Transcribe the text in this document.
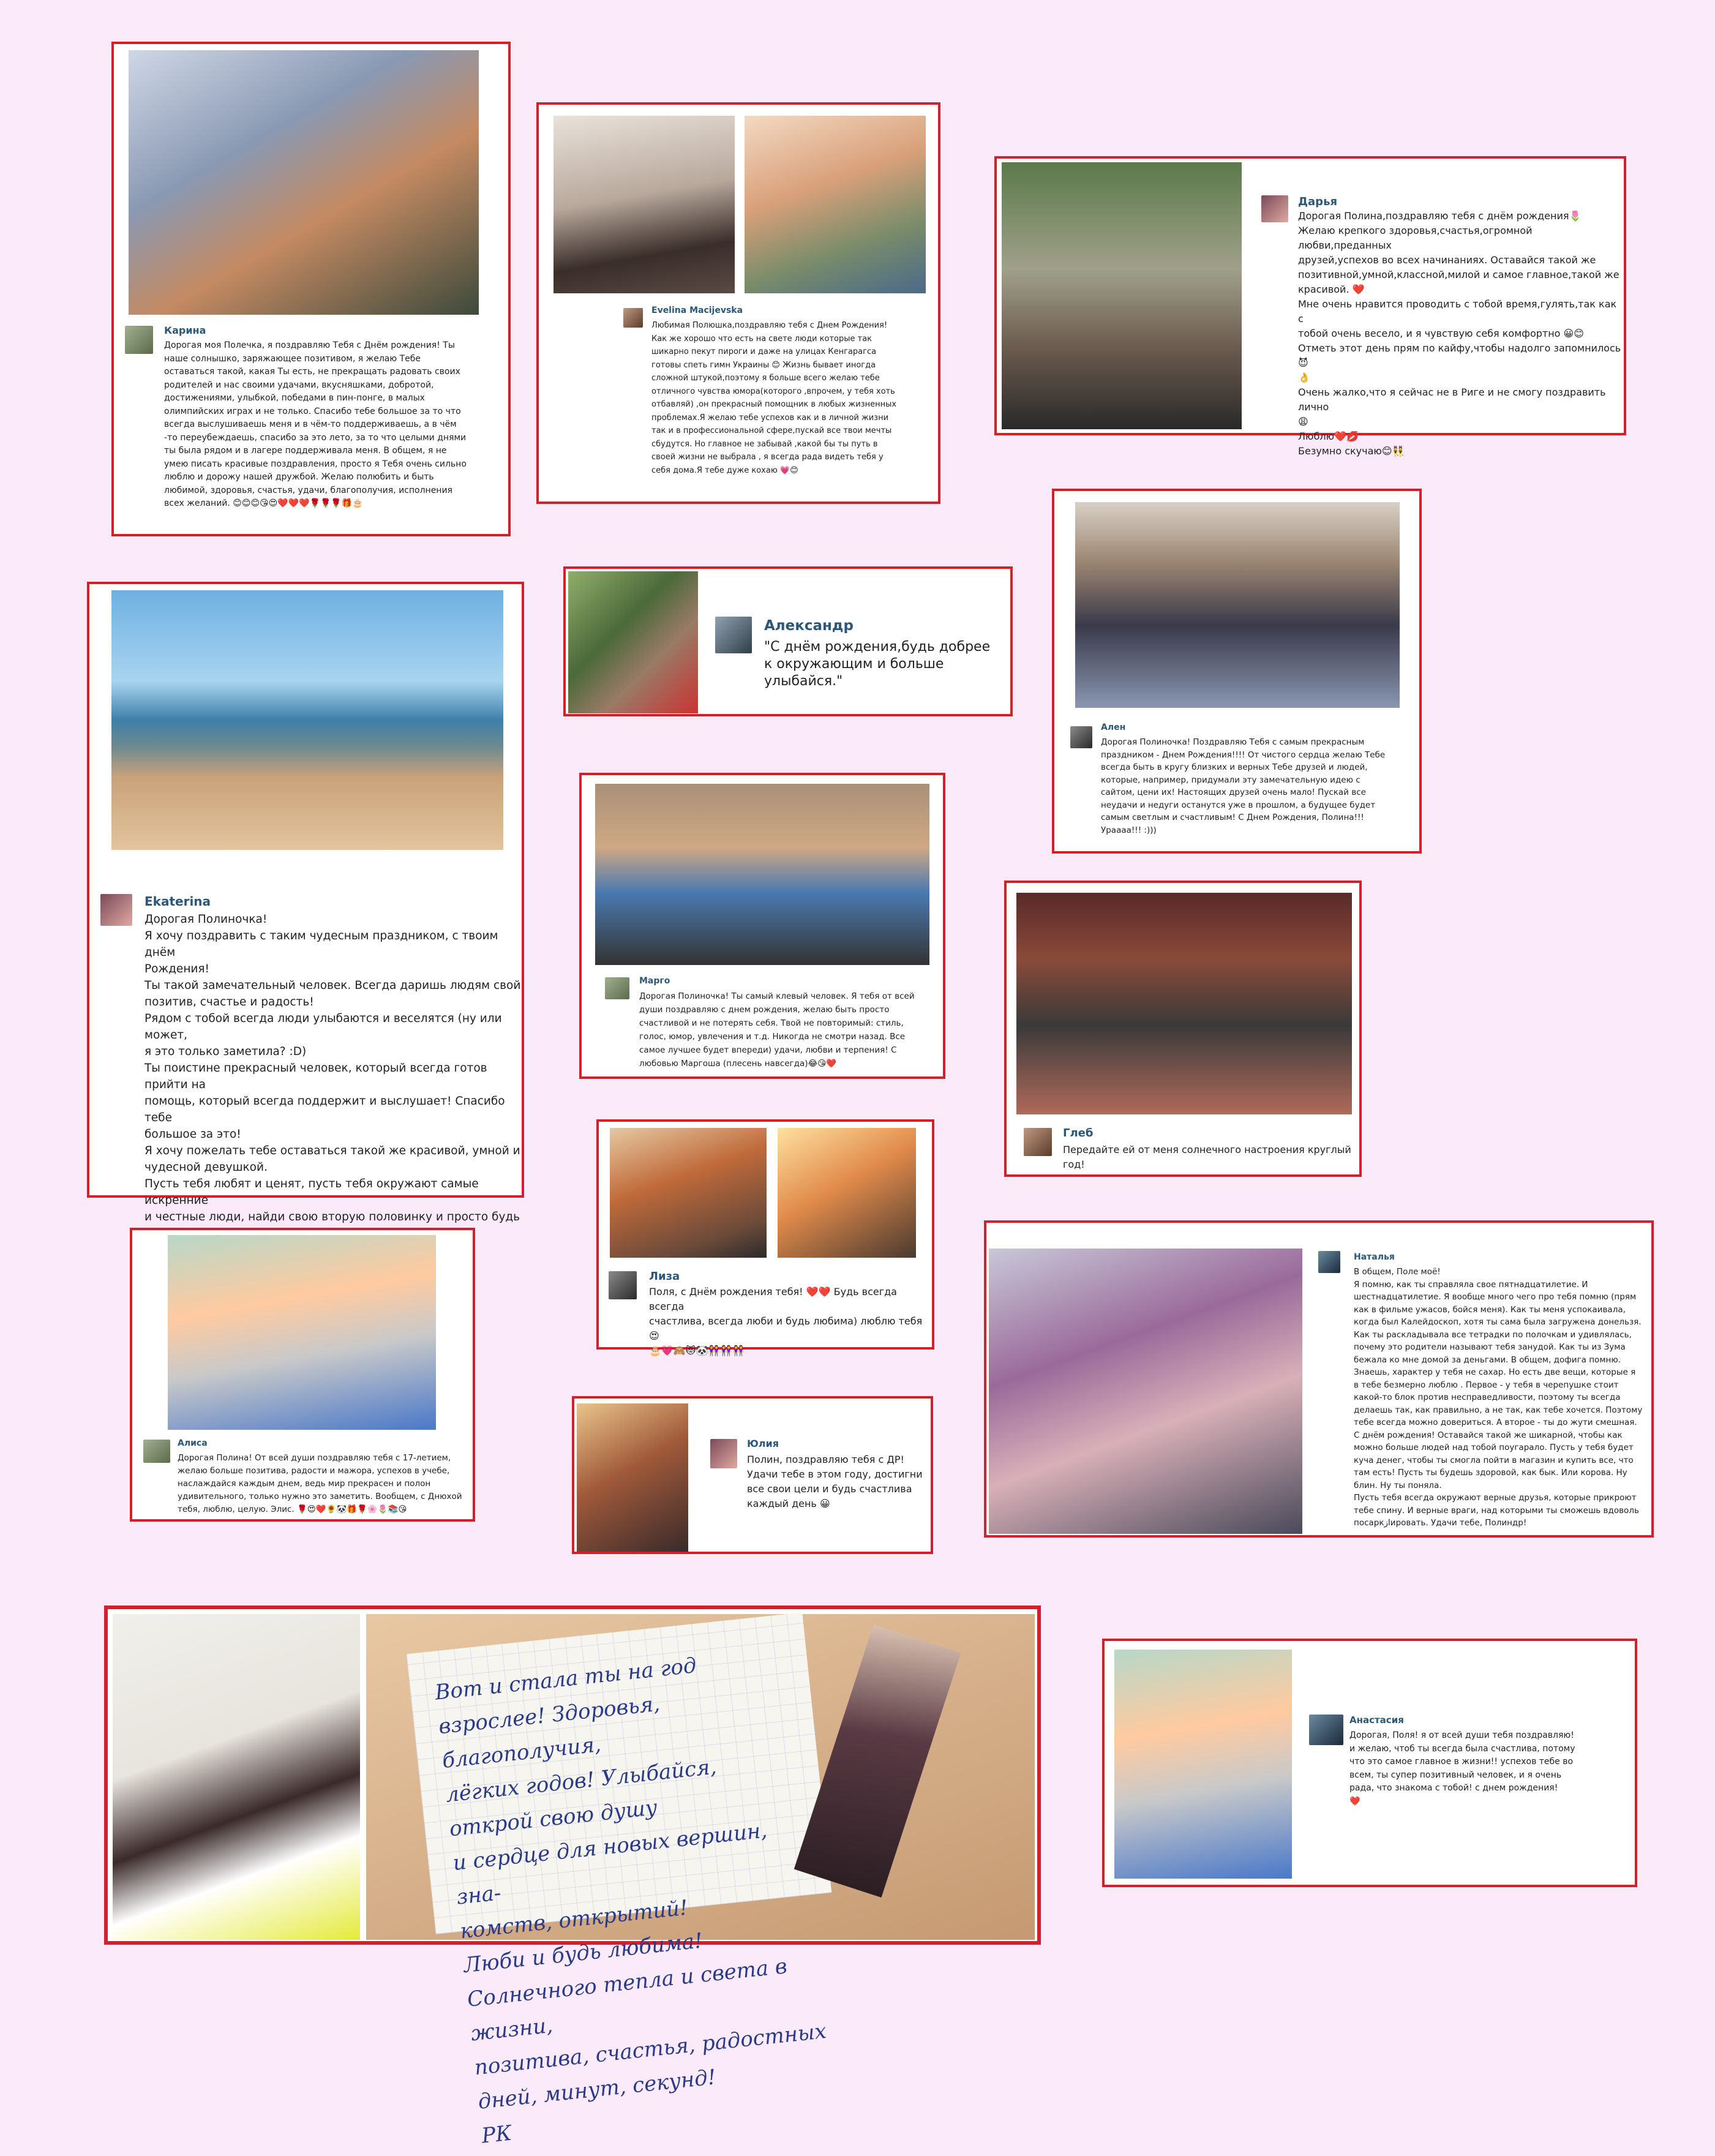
Карина
Дорогая моя Полечка, я поздравляю Тебя с Днём рождения! Ты
наше солнышко, заряжающее позитивом, я желаю Тебе
оставаться такой, какая Ты есть, не прекращать радовать своих
родителей и нас своими удачами, вкусняшками, добротой,
достижениями, улыбкой, победами в пин-понге, в малых
олимпийских играх и не только. Спасибо тебе большое за то что
всегда выслушиваешь меня и в чём-то поддерживаешь, а в чём
-то переубеждаешь, спасибо за это лето, за то что целыми днями
ты была рядом и в лагере поддерживала меня. В общем, я не
умею писать красивые поздравления, просто я Тебя очень сильно
люблю и дорожу нашей дружбой. Желаю полюбить и быть
любимой, здоровья, счастья, удачи, благополучия, исполнения
всех желаний. 😊😊😊😘😍❤️❤️❤️🌹🌹🌹🎁🎂
Evelina Macijevska
Любимая Полюшка,поздравляю тебя с Днем Рождения!
Как же хорошо что есть на свете люди которые так
шикарно пекут пироги и даже на улицах Кенгарагса
готовы спеть гимн Украины 😊 Жизнь бывает иногда
сложной штукой,поэтому я больше всего желаю тебе
отличного чувства юмора(которого ,впрочем, у тебя хоть
отбавляй) ,он прекрасный помощник в любых жизненных
проблемах.Я желаю тебе успехов как и в личной жизни
так и в профессиональной сфере,пускай все твои мечты
сбудутся. Но главное не забывай ,какой бы ты путь в
своей жизни не выбрала , я всегда рада видеть тебя у
себя дома.Я тебе дуже кохаю 💗😊
Дарья
Дорогая Полина,поздравляю тебя с днём рождения🌷
Желаю крепкого здоровья,счастья,огромной любви,преданных
друзей,успехов во всех начинаниях. Оставайся такой же
позитивной,умной,классной,милой и самое главное,такой же
красивой. ❤️
Мне очень нравится проводить с тобой время,гулять,так как с
тобой очень весело, и я чувствую себя комфортно 😀😊
Отметь этот день прям по кайфу,чтобы надолго запомнилось 😈
👌
Очень жалко,что я сейчас не в Риге и не смогу поздравить лично
😩
Люблю❤️💋
Безумно скучаю😊👯
Ekaterina
Дорогая Полиночка!
Я хочу поздравить с таким чудесным праздником, с твоим днём
Рождения!
Ты такой замечательный человек. Всегда даришь людям свой
позитив, счастье и радость!
Рядом с тобой всегда люди улыбаются и веселятся (ну или может,
я это только заметила? :D)
Ты поистине прекрасный человек, который всегда готов прийти на
помощь, который всегда поддержит и выслушает! Спасибо тебе
большое за это!
Я хочу пожелать тебе оставаться такой же красивой, умной и
чудесной девушкой.
Пусть тебя любят и ценят, пусть тебя окружают самые искренние
и честные люди, найди свою вторую половинку и просто будь

Александр
"С днём рождения,будь добрее
к окружающим и больше улыбайся."
Ален
Дорогая Полиночка! Поздравляю Тебя с самым прекрасным
праздником - Днем Рождения!!!! От чистого сердца желаю Тебе
всегда быть в кругу близких и верных Тебе друзей и людей,
которые, например, придумали эту замечательную идею с
сайтом, цени их! Настоящих друзей очень мало! Пускай все
неудачи и недуги останутся уже в прошлом, а будущее будет
самым светлым и счастливым! С Днем Рождения, Полина!!!
Ураааа!!! :)))
Марго
Дорогая Полиночка! Ты самый клевый человек. Я тебя от всей
души поздравляю с днем рождения, желаю быть просто
счастливой и не потерять себя. Твой не повторимый: стиль,
голос, юмор, увлечения и т.д. Никогда не смотри назад. Все
самое лучшее будет впереди) удачи, любви и терпения! С
любовью Маргоша (плесень навсегда)😂😘❤️
Глеб
Передайте ей от меня солнечного настроения круглый год!
Лиза
Поля, с Днём рождения тебя! ❤️❤️ Будь всегда всегда
счастлива, всегда люби и будь любима) люблю тебя 😍
🎂💗🙈😻🐼👭👭👭
Наталья
В общем, Поле моё!
Я помню, как ты справляла свое пятнадцатилетие. И
шестнадцатилетие. Я вообще много чего про тебя помню (прям
как в фильме ужасов, бойся меня). Как ты меня успокаивала,
когда был Калейдоскоп, хотя ты сама была загружена донельзя.
Как ты раскладывала все тетрадки по полочкам и удивлялась,
почему это родители называют тебя занудой. Как ты из Зума
бежала ко мне домой за деньгами. В общем, дофига помню.
Знаешь, характер у тебя не сахар. Но есть две вещи, которые я
в тебе безмерно люблю . Первое - у тебя в черепушке стоит
какой-то блок против несправедливости, поэтому ты всегда
делаешь так, как правильно, а не так, как тебе хочется. Поэтому
тебе всегда можно довериться. А второе - ты до жути смешная.
С днём рождения! Оставайся такой же шикарной, чтобы как
можно больше людей над тобой поугарало. Пусть у тебя будет
куча денег, чтобы ты смогла пойти в магазин и купить все, что
там есть! Пусть ты будешь здоровой, как бык. Или корова. Ну
блин. Ну ты поняла.
Пусть тебя всегда окружают верные друзья, которые прикроют
тебе спину. И верные враги, над которыми ты сможешь вдоволь
посаркازировать. Удачи тебе, Полиндр!
Алиса
Дорогая Полина! От всей души поздравляю тебя с 17-летием,
желаю больше позитива, радости и мажора, успехов в учебе,
наслаждайся каждым днем, ведь мир прекрасен и полон
удивительного, только нужно это заметить. Вообщем, с Днюхой
тебя, люблю, целую. Элис. 🌹😍❤️🌻🐼🎁🌹🌸🌷📚😘
Юлия
Полин, поздравляю тебя с ДР!
Удачи тебе в этом году, достигни
все свои цели и будь счастлива
каждый день 😀
Вот и стала ты на год
взрослее! Здоровья, благополучия,
лёгких годов! Улыбайся, открой свою душу
и сердце для новых вершин, зна-
комств, открытий!
Люби и будь любима!
Солнечного тепла и света в жизни,
позитива, счастья, радостных
дней, минут, секунд!
РК
Анастасия
Дорогая, Поля! я от всей души тебя поздравляю!
и желаю, чтоб ты всегда была счастлива, потому
что это самое главное в жизни!! успехов тебе во
всем, ты супер позитивный человек, и я очень
рада, что знакома с тобой! с днем рождения!
❤️
